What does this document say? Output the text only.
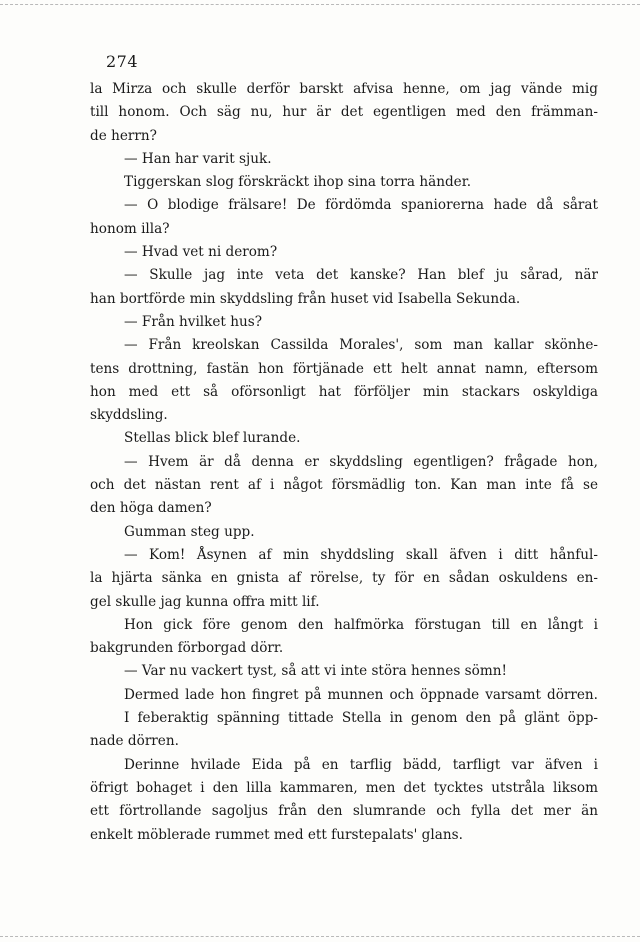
274
la Mirza och skulle derför barskt afvisa henne, om jag vände mig
till honom. Och säg nu, hur är det egentligen med den främman-
de herrn?
— Han har varit sjuk.
Tiggerskan slog förskräckt ihop sina torra händer.
— O blodige frälsare! De fördömda spaniorerna hade då sårat
honom illa?
— Hvad vet ni derom?
— Skulle jag inte veta det kanske? Han blef ju sårad, när
han bortförde min skyddsling från huset vid Isabella Sekunda.
— Från hvilket hus?
— Från kreolskan Cassilda Morales', som man kallar skönhe-
tens drottning, fastän hon förtjänade ett helt annat namn, eftersom
hon med ett så oförsonligt hat förföljer min stackars oskyldiga
skyddsling.
Stellas blick blef lurande.
— Hvem är då denna er skyddsling egentligen? frågade hon,
och det nästan rent af i något försmädlig ton. Kan man inte få se
den höga damen?
Gumman steg upp.
— Kom! Åsynen af min shyddsling skall äfven i ditt hånful-
la hjärta sänka en gnista af rörelse, ty för en sådan oskuldens en-
gel skulle jag kunna offra mitt lif.
Hon gick före genom den halfmörka förstugan till en långt i
bakgrunden förborgad dörr.
— Var nu vackert tyst, så att vi inte störa hennes sömn!
Dermed lade hon fingret på munnen och öppnade varsamt dörren.
I feberaktig spänning tittade Stella in genom den på glänt öpp-
nade dörren.
Derinne hvilade Eida på en tarflig bädd, tarfligt var äfven i
öfrigt bohaget i den lilla kammaren, men det tycktes utstråla liksom
ett förtrollande sagoljus från den slumrande och fylla det mer än
enkelt möblerade rummet med ett furstepalats' glans.
